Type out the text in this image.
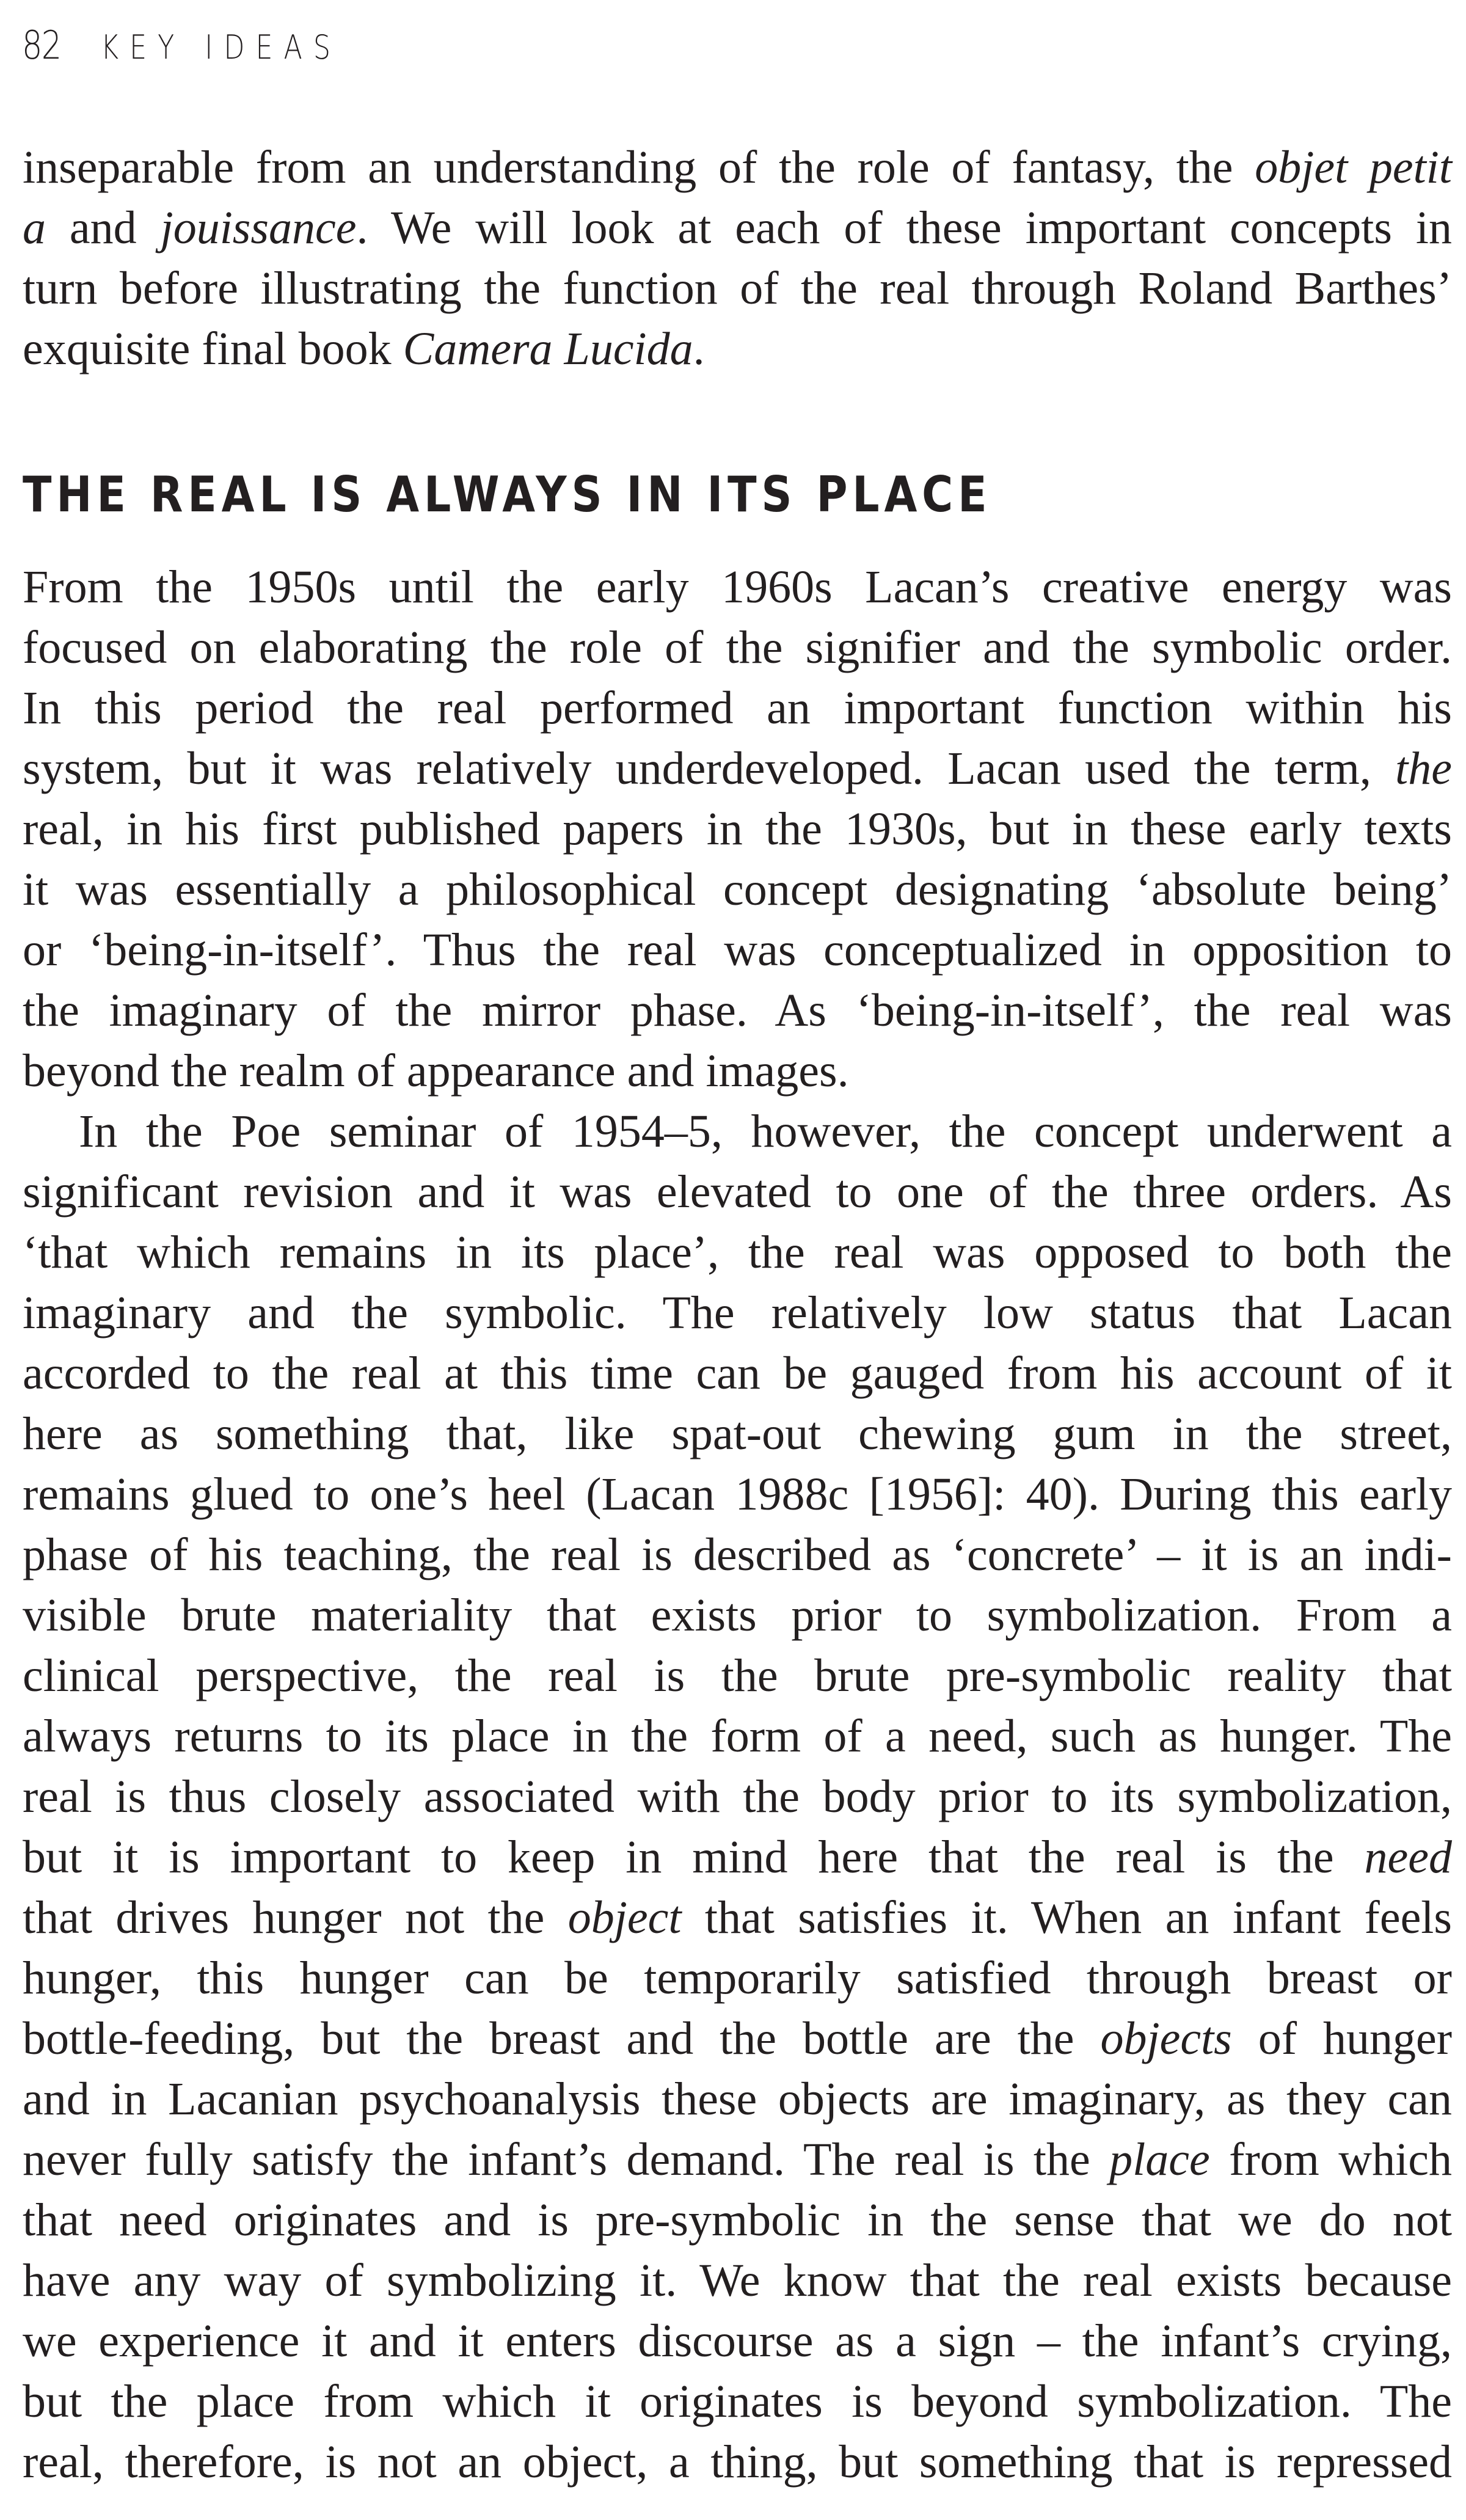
82 KEY IDEAS
inseparable from an understanding of the role of fantasy, the objet petit
a and jouissance. We will look at each of these important concepts in
turn before illustrating the function of the real through Roland Barthes’
exquisite final book Camera Lucida.
THE REAL IS ALWAYS IN ITS PLACE
From the 1950s until the early 1960s Lacan’s creative energy was
focused on elaborating the role of the signifier and the symbolic order.
In this period the real performed an important function within his
system, but it was relatively underdeveloped. Lacan used the term, the
real, in his first published papers in the 1930s, but in these early texts
it was essentially a philosophical concept designating ‘absolute being’
or ‘being-in-itself’. Thus the real was conceptualized in opposition to
the imaginary of the mirror phase. As ‘being-in-itself’, the real was
beyond the realm of appearance and images.
In the Poe seminar of 1954–5, however, the concept underwent a
significant revision and it was elevated to one of the three orders. As
‘that which remains in its place’, the real was opposed to both the
imaginary and the symbolic. The relatively low status that Lacan
accorded to the real at this time can be gauged from his account of it
here as something that, like spat-out chewing gum in the street,
remains glued to one’s heel (Lacan 1988c [1956]: 40). During this early
phase of his teaching, the real is described as ‘concrete’ – it is an indi-
visible brute materiality that exists prior to symbolization. From a
clinical perspective, the real is the brute pre-symbolic reality that
always returns to its place in the form of a need, such as hunger. The
real is thus closely associated with the body prior to its symbolization,
but it is important to keep in mind here that the real is the need
that drives hunger not the object that satisfies it. When an infant feels
hunger, this hunger can be temporarily satisfied through breast or
bottle-feeding, but the breast and the bottle are the objects of hunger
and in Lacanian psychoanalysis these objects are imaginary, as they can
never fully satisfy the infant’s demand. The real is the place from which
that need originates and is pre-symbolic in the sense that we do not
have any way of symbolizing it. We know that the real exists because
we experience it and it enters discourse as a sign – the infant’s crying,
but the place from which it originates is beyond symbolization. The
real, therefore, is not an object, a thing, but something that is repressed
